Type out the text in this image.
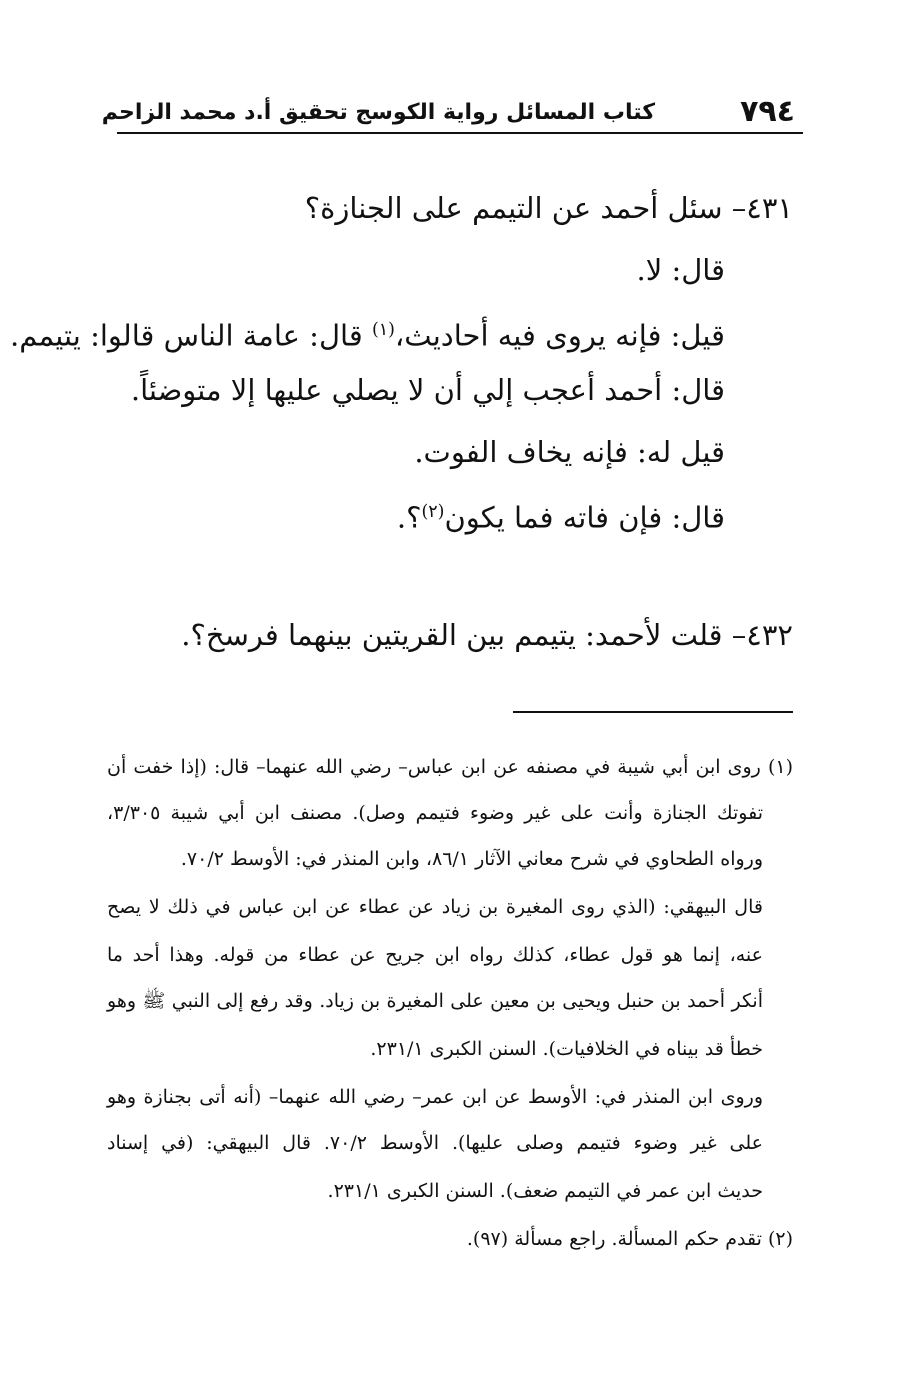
٧٩٤
كتاب المسائل رواية الكوسج تحقيق أ.د محمد الزاحم
٤٣١– سئل أحمد عن التيمم على الجنازة؟
قال: لا.
قيل: فإنه يروى فيه أحاديث،$^{(١)}$ قال: عامة الناس قالوا: يتيمم.
قال: أحمد أعجب إلي أن لا يصلي عليها إلا متوضئاً.
قيل له: فإنه يخاف الفوت.
قال: فإن فاته فما يكون$^{(٢)}$؟.
٤٣٢– قلت لأحمد: يتيمم بين القريتين بينهما فرسخ؟.
(١) روى ابن أبي شيبة في مصنفه عن ابن عباس– رضي الله عنهما– قال: (إذا خفت أن
تفوتك الجنازة وأنت على غير وضوء فتيمم وصل). مصنف ابن أبي شيبة ٣/٣٠٥،
ورواه الطحاوي في شرح معاني الآثار ٨٦/١، وابن المنذر في: الأوسط ٧٠/٢.
قال البيهقي: (الذي روى المغيرة بن زياد عن عطاء عن ابن عباس في ذلك لا يصح
عنه، إنما هو قول عطاء، كذلك رواه ابن جريح عن عطاء من قوله. وهذا أحد ما
أنكر أحمد بن حنبل ويحيى بن معين على المغيرة بن زياد. وقد رفع إلى النبي ﷺ وهو
خطأ قد بيناه في الخلافيات). السنن الكبرى ٢٣١/١.
وروى ابن المنذر في: الأوسط عن ابن عمر– رضي الله عنهما– (أنه أتى بجنازة وهو
على غير وضوء فتيمم وصلى عليها). الأوسط ٧٠/٢. قال البيهقي: (في إسناد
حديث ابن عمر في التيمم ضعف). السنن الكبرى ٢٣١/١.
(٢) تقدم حكم المسألة. راجع مسألة (٩٧).
